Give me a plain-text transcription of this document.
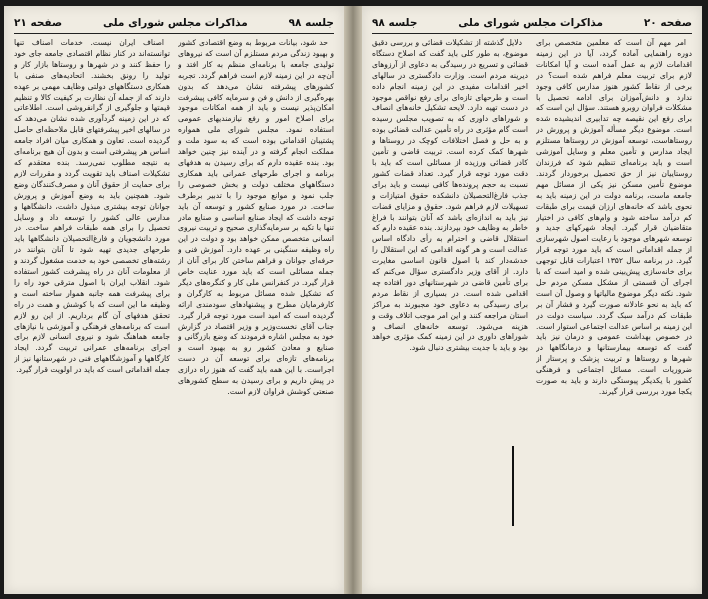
جلسه ۹۸
مذاکرات مجلس شورای ملی
صفحه ۲۱

حد شود، بیانات مربوط به وضع اقتصادی کشور و بهبود زندگی مردم مستلزم آن است که نیروهای تولیدی جامعه با برنامه‌ای منظم به کار افتد و آن‌چه در این زمینه لازم است فراهم گردد. تجربه کشورهای پیشرفته نشان می‌دهد که بدون بهره‌گیری از دانش و فن و سرمایه کافی پیشرفت امکان‌پذیر نیست و باید از همه امکانات موجود برای اصلاح امور و رفع نیازمندیهای عمومی استفاده نمود. مجلس شورای ملی همواره پشتیبان اقداماتی بوده است که به سود ملت و مملکت انجام گرفته و در آینده نیز چنین خواهد بود. بنده عقیده دارم که برای رسیدن به هدفهای برنامه و اجرای طرحهای عمرانی باید همکاری دستگاههای مختلف دولت و بخش خصوصی را جلب نمود و موانع موجود را با تدبیر برطرف ساخت. در مورد صنایع کشور و توسعه آن باید توجه داشت که ایجاد صنایع اساسی و صنایع مادر تنها با تکیه بر سرمایه‌گذاری صحیح و تربیت نیروی انسانی متخصص ممکن خواهد بود و دولت در این راه وظیفه سنگینی بر عهده دارد. آموزش فنی و حرفه‌ای جوانان و فراهم ساختن کار برای آنان از جمله مسائلی است که باید مورد عنایت خاص قرار گیرد. در کنفرانس ملی کار و کنگره‌های دیگر که تشکیل شده مسائل مربوط به کارگران و کارفرمایان مطرح و پیشنهادهای سودمندی ارائه گردیده است که امید است مورد توجه قرار گیرد. جناب آقای نخست‌وزیر و وزیر اقتصاد در گزارش خود به مجلس اشاره فرمودند که وضع بازرگانی و صنایع و معادن کشور رو به بهبود است و برنامه‌های تازه‌ای برای توسعه آن در دست اجراست. با این همه باید گفت که هنوز راه درازی در پیش داریم و برای رسیدن به سطح کشورهای صنعتی کوشش فراوان لازم است.

اصناف ایران نیست. خدمات اصناف تنها توانسته‌اند در کنار نظام اقتصادی جامعه جای خود را حفظ کنند و در شهرها و روستاها بازار کار و تولید را رونق بخشند. اتحادیه‌های صنفی با همکاری دستگاههای دولتی وظایف مهمی بر عهده دارند که از جمله آن نظارت بر کیفیت کالا و تنظیم قیمتها و جلوگیری از گرانفروشی است. اطلاعاتی که در این زمینه گردآوری شده نشان می‌دهد که در سالهای اخیر پیشرفتهای قابل ملاحظه‌ای حاصل گردیده است. تعاون و همکاری میان افراد جامعه اساس هر پیشرفتی است و بدون آن هیچ برنامه‌ای به نتیجه مطلوب نمی‌رسد. بنده معتقدم که تشکیلات اصناف باید تقویت گردد و مقررات لازم برای حمایت از حقوق آنان و مصرف‌کنندگان وضع شود. همچنین باید به وضع آموزش و پرورش جوانان توجه بیشتری مبذول داشت، دانشگاهها و مدارس عالی کشور را توسعه داد و وسایل تحصیل را برای همه طبقات فراهم ساخت. در مورد دانشجویان و فارغ‌التحصیلان دانشگاهها باید طرحهای جدیدی تهیه شود تا آنان بتوانند در رشته‌های تخصصی خود به خدمت مشغول گردند و از معلومات آنان در راه پیشرفت کشور استفاده شود. انقلاب ایران با اصول مترقی خود راه را برای پیشرفت همه جانبه هموار ساخته است و وظیفه ما این است که با کوشش و همت در راه تحقق هدفهای آن گام برداریم. از این رو لازم است که برنامه‌های فرهنگی و آموزشی با نیازهای جامعه هماهنگ شود و نیروی انسانی لازم برای اجرای برنامه‌های عمرانی تربیت گردد. ایجاد کارگاهها و آموزشگاههای فنی در شهرستانها نیز از جمله اقداماتی است که باید در اولویت قرار گیرد.

صفحه ۲۰
مذاکرات مجلس شورای ملی
جلسه ۹۸

امر مهم آن است که معلمین متخصص برای دوره راهنمایی آماده گردد، آیا در این زمینه اقدامات لازم به عمل آمده است و آیا امکانات لازم برای تربیت معلم فراهم شده است؟ در برخی از نقاط کشور هنوز مدارس کافی وجود ندارد و دانش‌آموزان برای ادامه تحصیل با مشکلات فراوان روبرو هستند. سؤال این است که برای رفع این نقیصه چه تدابیری اندیشیده شده است. موضوع دیگر مسأله آموزش و پرورش در روستاهاست، توسعه آموزش در روستاها مستلزم ایجاد مدارس و تأمین معلم و وسایل آموزشی است و باید برنامه‌ای تنظیم شود که فرزندان روستاییان نیز از حق تحصیل برخوردار گردند. موضوع تأمین مسکن نیز یکی از مسائل مهم جامعه ماست، برنامه دولت در این زمینه باید به نحوی باشد که خانه‌های ارزان قیمت برای طبقات کم درآمد ساخته شود و وام‌های کافی در اختیار متقاضیان قرار گیرد. ایجاد شهرکهای جدید و توسعه شهرهای موجود با رعایت اصول شهرسازی از جمله اقداماتی است که باید مورد توجه قرار گیرد. در برنامه سال ۱۳۵۲ اعتبارات قابل توجهی برای خانه‌سازی پیش‌بینی شده و امید است که با اجرای آن قسمتی از مشکل مسکن مردم حل شود. نکته دیگر موضوع مالیاتها و وصول آن است که باید به نحو عادلانه صورت گیرد و فشار آن بر طبقات کم درآمد سبک گردد. سیاست دولت در این زمینه بر اساس عدالت اجتماعی استوار است. در خصوص بهداشت عمومی و درمان نیز باید گفت که توسعه بیمارستانها و درمانگاهها در شهرها و روستاها و تربیت پزشک و پرستار از ضروریات است. مسائل اجتماعی و فرهنگی کشور با یکدیگر پیوستگی دارند و باید به صورت یکجا مورد بررسی قرار گیرند.

دلایل گذشته از تشکیلات قضائی و بررسی دقیق موضوع، به طور کلی باید گفت که اصلاح دستگاه قضائی و تسریع در رسیدگی به دعاوی از آرزوهای دیرینه مردم است. وزارت دادگستری در سالهای اخیر اقدامات مفیدی در این زمینه انجام داده است و طرحهای تازه‌ای برای رفع نواقص موجود در دست تهیه دارد. لایحه تشکیل خانه‌های انصاف و شوراهای داوری که به تصویب مجلس رسیده است گام مؤثری در راه تأمین عدالت قضائی بوده و به حل و فصل اختلافات کوچک در روستاها و شهرها کمک کرده است. تربیت قاضی و تأمین کادر قضائی ورزیده از مسائلی است که باید با دقت مورد توجه قرار گیرد. تعداد قضات کشور نسبت به حجم پرونده‌ها کافی نیست و باید برای جذب فارغ‌التحصیلان دانشکده حقوق امتیازات و تسهیلات لازم فراهم شود. حقوق و مزایای قضات نیز باید به اندازه‌ای باشد که آنان بتوانند با فراغ خاطر به وظایف خود بپردازند. بنده عقیده دارم که استقلال قاضی و احترام به رأی دادگاه اساس عدالت است و هر گونه اقدامی که این استقلال را خدشه‌دار کند با اصول قانون اساسی مغایرت دارد. از آقای وزیر دادگستری سؤال می‌کنم که برای تأمین قاضی در شهرستانهای دور افتاده چه اقدامی شده است. در بسیاری از نقاط مردم برای رسیدگی به دعاوی خود مجبورند به مراکز استان مراجعه کنند و این امر موجب اتلاف وقت و هزینه می‌شود. توسعه خانه‌های انصاف و شوراهای داوری در این زمینه کمک مؤثری خواهد بود و باید با جدیت بیشتری دنبال شود.
